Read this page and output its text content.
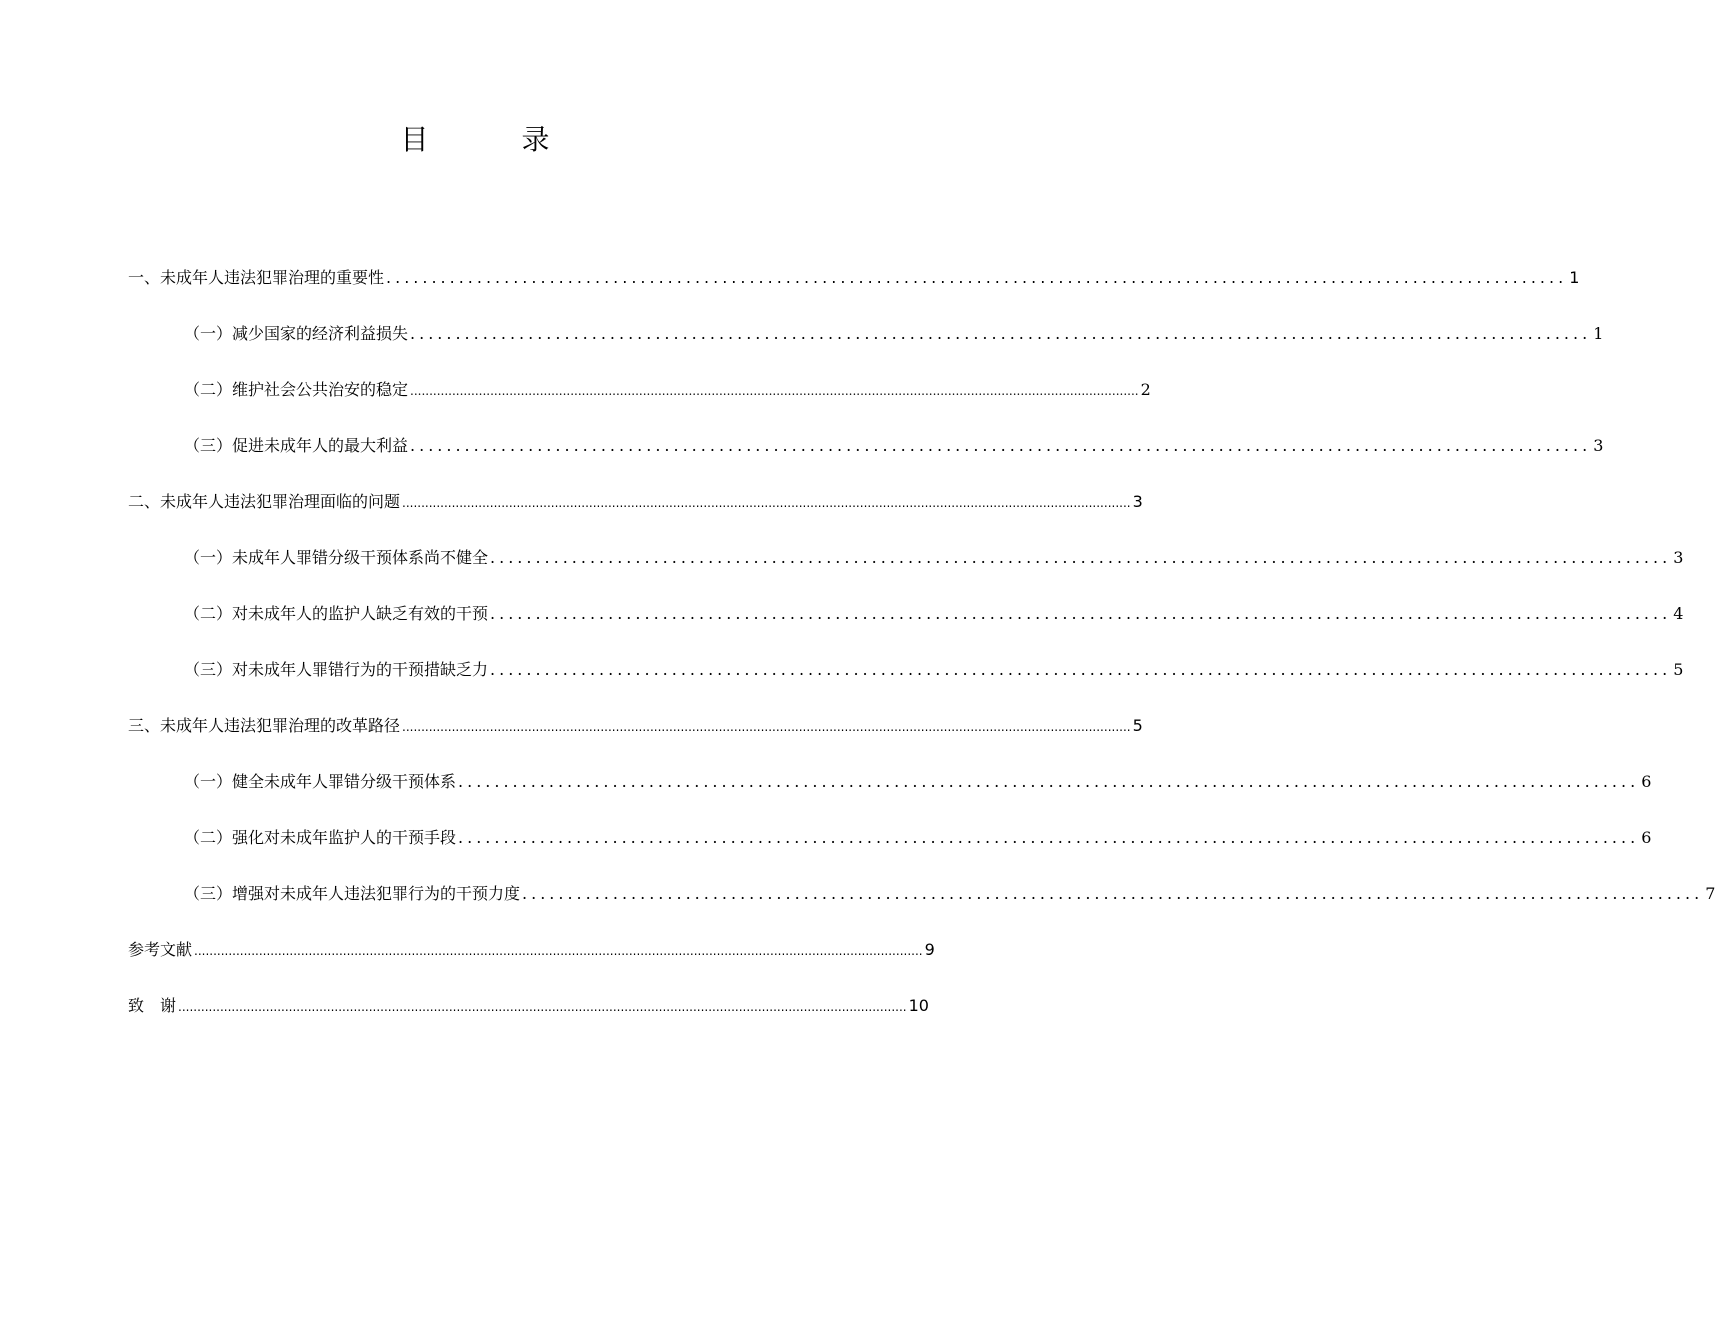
目 录
一、未成年人违法犯罪治理的重要性 .................................................................................................................................. 1
（一）减少国家的经济利益损失 .................................................................................................................................. 1
（二）维护社会公共治安的稳定 ............................................................................................................................................................................................... 2
（三）促进未成年人的最大利益 .................................................................................................................................. 3
二、未成年人违法犯罪治理面临的问题 ............................................................................................................................................................................................... 3
（一）未成年人罪错分级干预体系尚不健全 .................................................................................................................................. 3
（二）对未成年人的监护人缺乏有效的干预 .................................................................................................................................. 4
（三）对未成年人罪错行为的干预措缺乏力 .................................................................................................................................. 5
三、未成年人违法犯罪治理的改革路径 ............................................................................................................................................................................................... 5
（一）健全未成年人罪错分级干预体系 .................................................................................................................................. 6
（二）强化对未成年监护人的干预手段 .................................................................................................................................. 6
（三）增强对未成年人违法犯罪行为的干预力度 .................................................................................................................................. 7
参考文献 ............................................................................................................................................................................................... 9
致　谢 ............................................................................................................................................................................................... 10
